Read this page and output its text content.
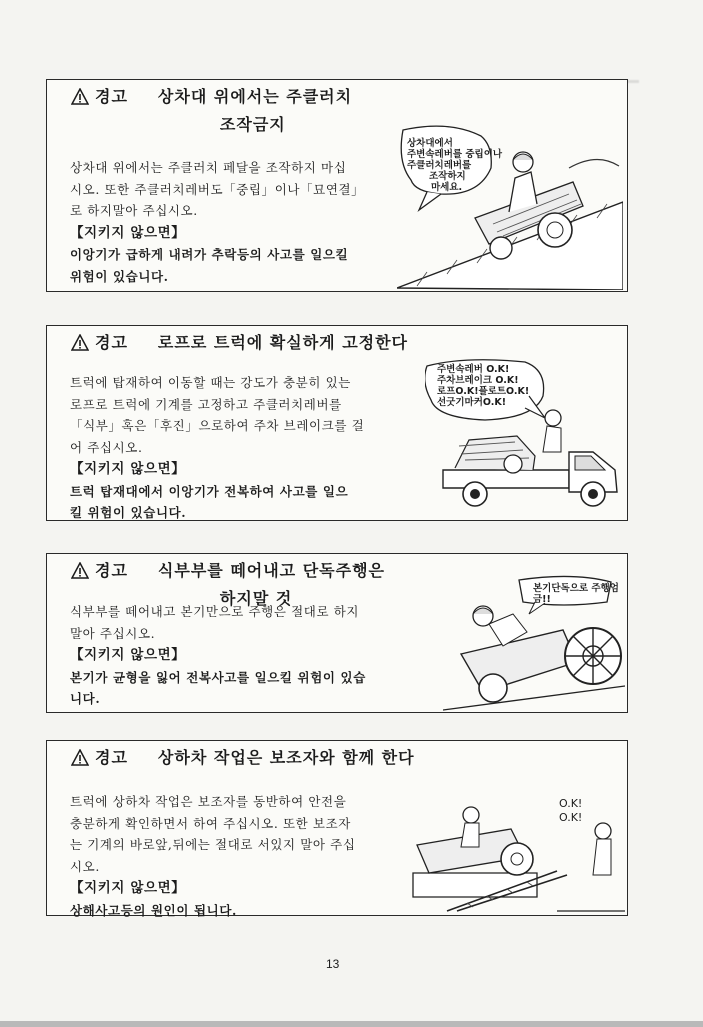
경고 상차대 위에서는 주클러치
조작금지
상차대 위에서는 주클러치 페달을 조작하지 마십
시오. 또한 주클러치레버도「중립」이나「묘연결」
로 하지말아 주십시오.
【지키지 않으면】
이앙기가 급하게 내려가 추락등의 사고를 일으킬
위험이 있습니다.
상차대에서
주변속레버를 중립이나
주클러치레버를
조작하지
마세요.
경고 로프로 트럭에 확실하게 고정한다
트럭에 탑재하여 이동할 때는 강도가 충분히 있는
로프로 트럭에 기계를 고정하고 주클러치레버를
「식부」혹은「후진」으로하여 주차 브레이크를 걸
어 주십시오.
【지키지 않으면】
트럭 탑재대에서 이앙기가 전복하여 사고를 일으
킬 위험이 있습니다.
주변속레버 O.K!
주차브레이크 O.K!
로프O.K!플로트O.K!
선굿기마커O.K!
경고 식부부를 떼어내고 단독주행은
하지말 것
식부부를 떼어내고 본기만으로 주행은 절대로 하지
말아 주십시오.
【지키지 않으면】
본기가 균형을 잃어 전복사고를 일으킬 위험이 있습
니다.
본기단독으로 주행엄금!!
경고 상하차 작업은 보조자와 함께 한다
트럭에 상하차 작업은 보조자를 동반하여 안전을
충분하게 확인하면서 하여 주십시오. 또한 보조자
는 기계의 바로앞,뒤에는 절대로 서있지 말아 주십
시오.
【지키지 않으면】
상해사고등의 원인이 됩니다.
O.K!
O.K!
13
